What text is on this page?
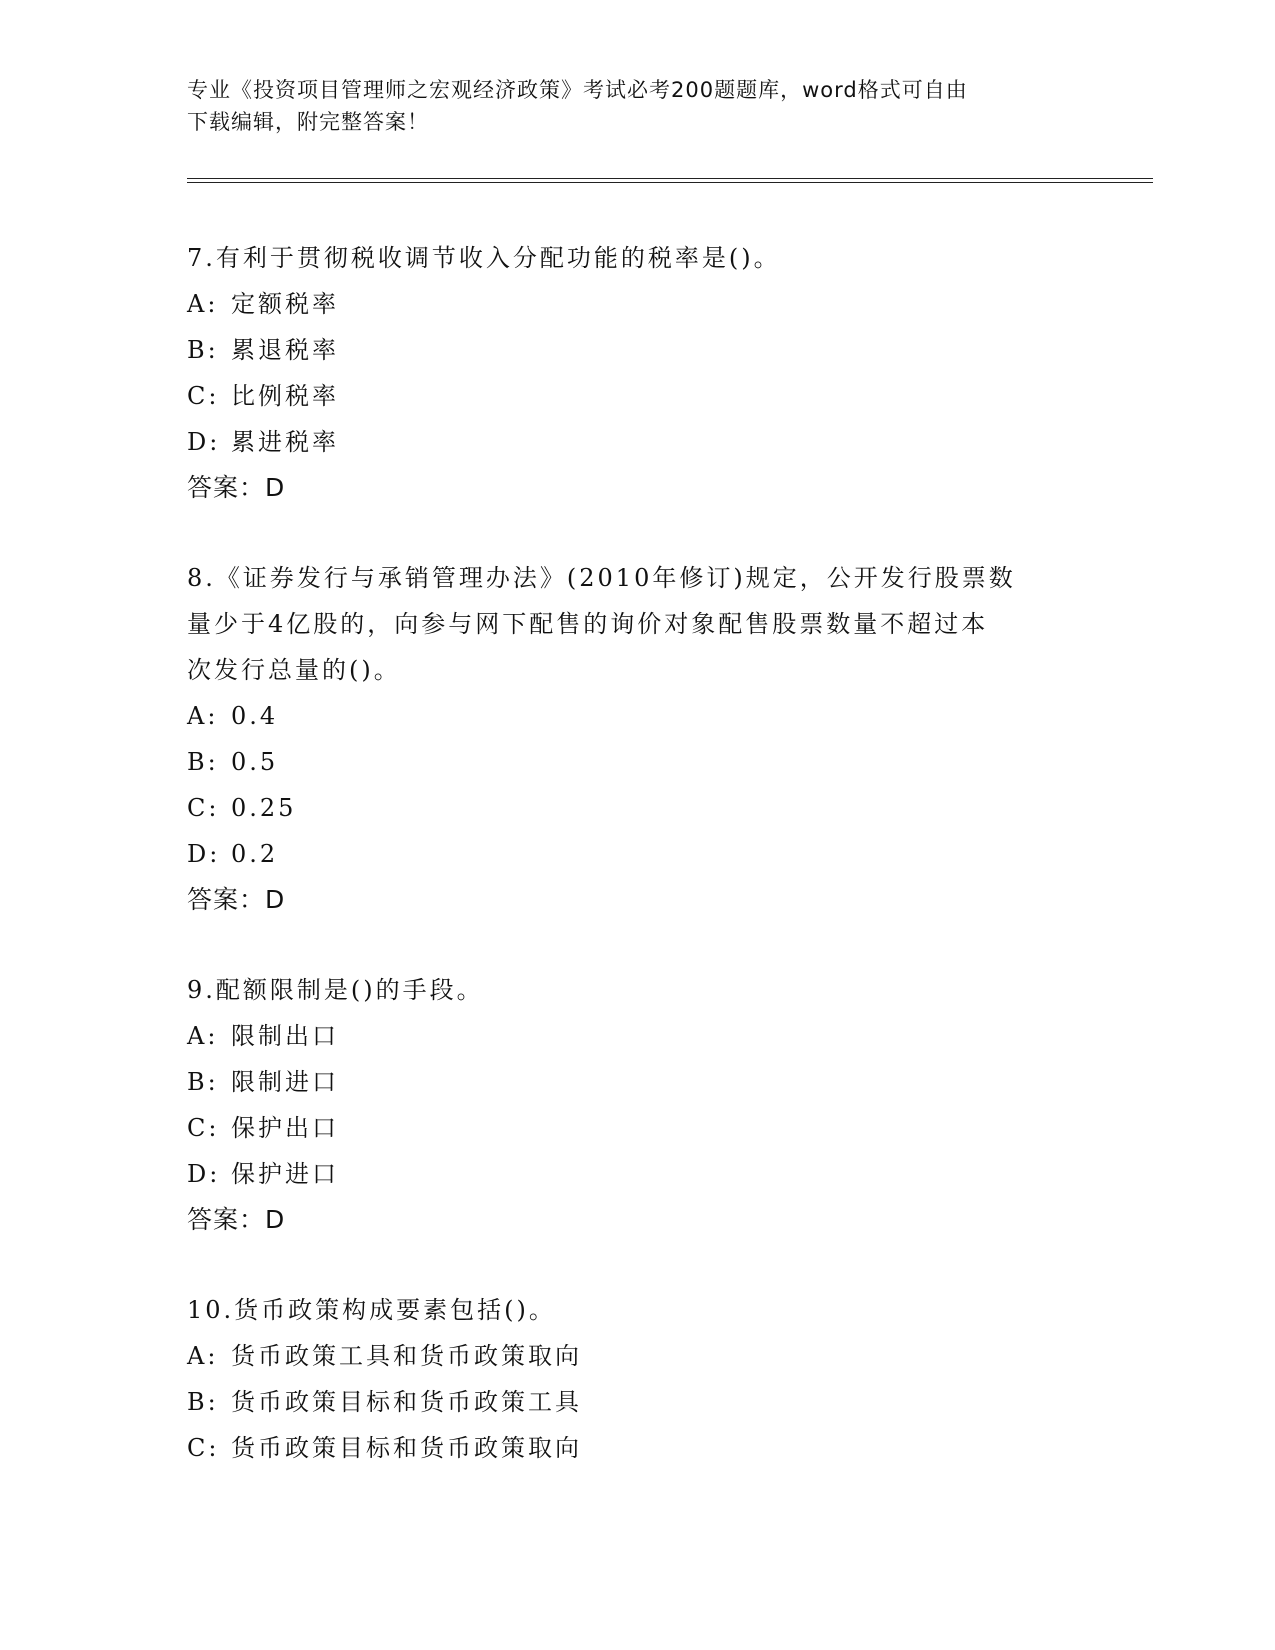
专业《投资项目管理师之宏观经济政策》考试必考200题题库，word格式可自由
下载编辑，附完整答案！
7.有利于贯彻税收调节收入分配功能的税率是()。
A: 定额税率
B: 累退税率
C: 比例税率
D: 累进税率
答案：D
8.《证券发行与承销管理办法》(2010年修订)规定，公开发行股票数
量少于4亿股的，向参与网下配售的询价对象配售股票数量不超过本
次发行总量的()。
A: 0.4
B: 0.5
C: 0.25
D: 0.2
答案：D
9.配额限制是()的手段。
A: 限制出口
B: 限制进口
C: 保护出口
D: 保护进口
答案：D
10.货币政策构成要素包括()。
A: 货币政策工具和货币政策取向
B: 货币政策目标和货币政策工具
C: 货币政策目标和货币政策取向
